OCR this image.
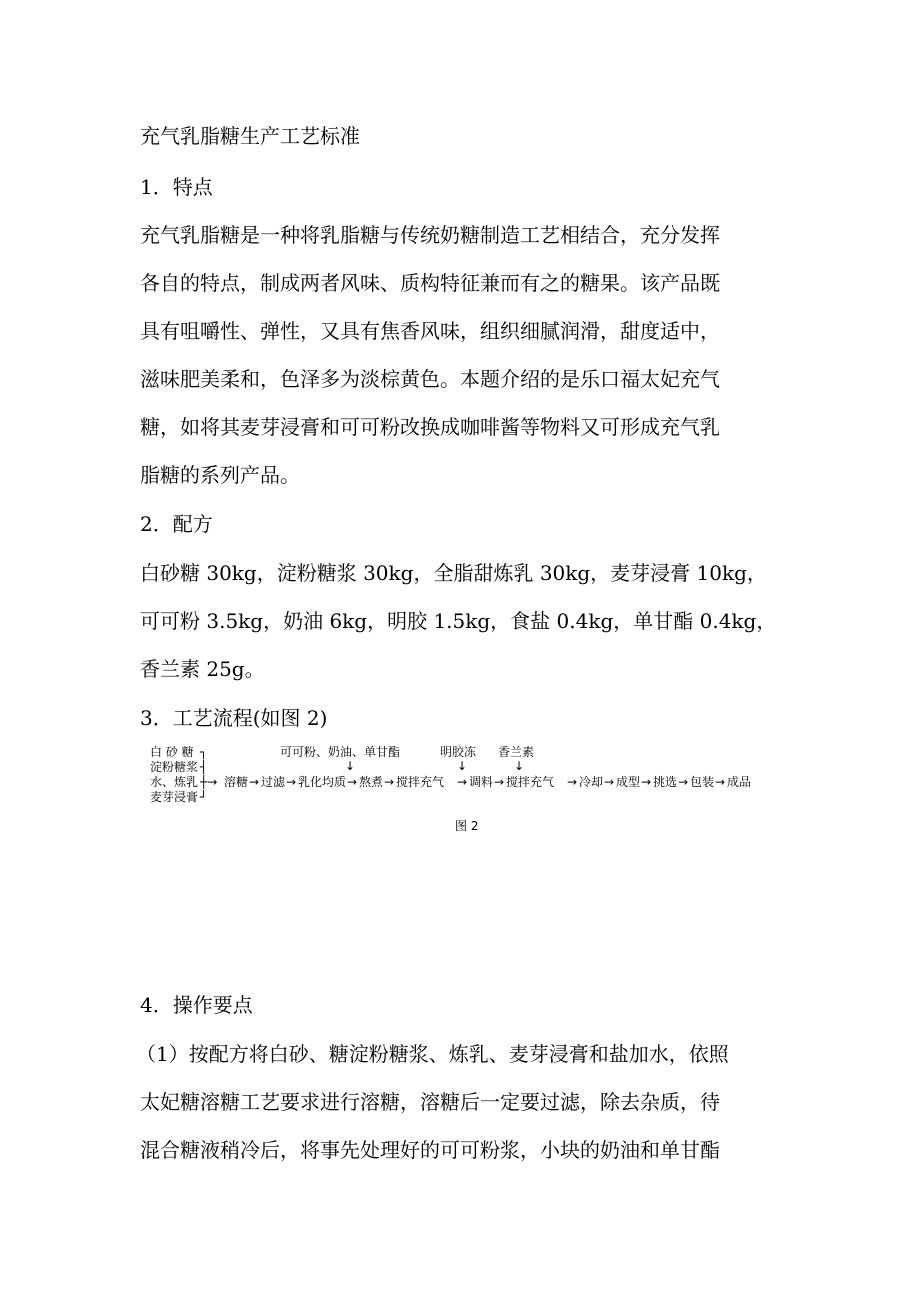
充气乳脂糖生产工艺标准
1．特点
充气乳脂糖是一种将乳脂糖与传统奶糖制造工艺相结合，充分发挥
各自的特点，制成两者风味、质构特征兼而有之的糖果。该产品既
具有咀嚼性、弹性，又具有焦香风味，组织细腻润滑，甜度适中，
滋味肥美柔和，色泽多为淡棕黄色。本题介绍的是乐口福太妃充气
糖，如将其麦芽浸膏和可可粉改换成咖啡酱等物料又可形成充气乳
脂糖的系列产品。
2．配方
白砂糖 30kg，淀粉糖浆 30kg，全脂甜炼乳 30kg，麦芽浸膏 10kg，
可可粉 3.5kg，奶油 6kg，明胶 1.5kg，食盐 0.4kg，单甘酯 0.4kg，
香兰素 25g。
3．工艺流程(如图 2)
白 砂 糖 ┐
淀粉糖浆 ┤
水、炼乳 ┼→
麦芽浸膏 ┘
可可粉、奶油、单甘酯
↓
明胶冻
↓
香兰素
↓
溶糖 → 过滤 → 乳化均质 → 熬煮 → 搅拌充气 → 调料 → 搅拌充气 → 冷却 → 成型 → 挑选 → 包装 → 成品
图 2
4．操作要点
（1）按配方将白砂、糖淀粉糖浆、炼乳、麦芽浸膏和盐加水，依照
太妃糖溶糖工艺要求进行溶糖，溶糖后一定要过滤，除去杂质，待
混合糖液稍冷后，将事先处理好的可可粉浆，小块的奶油和单甘酯
